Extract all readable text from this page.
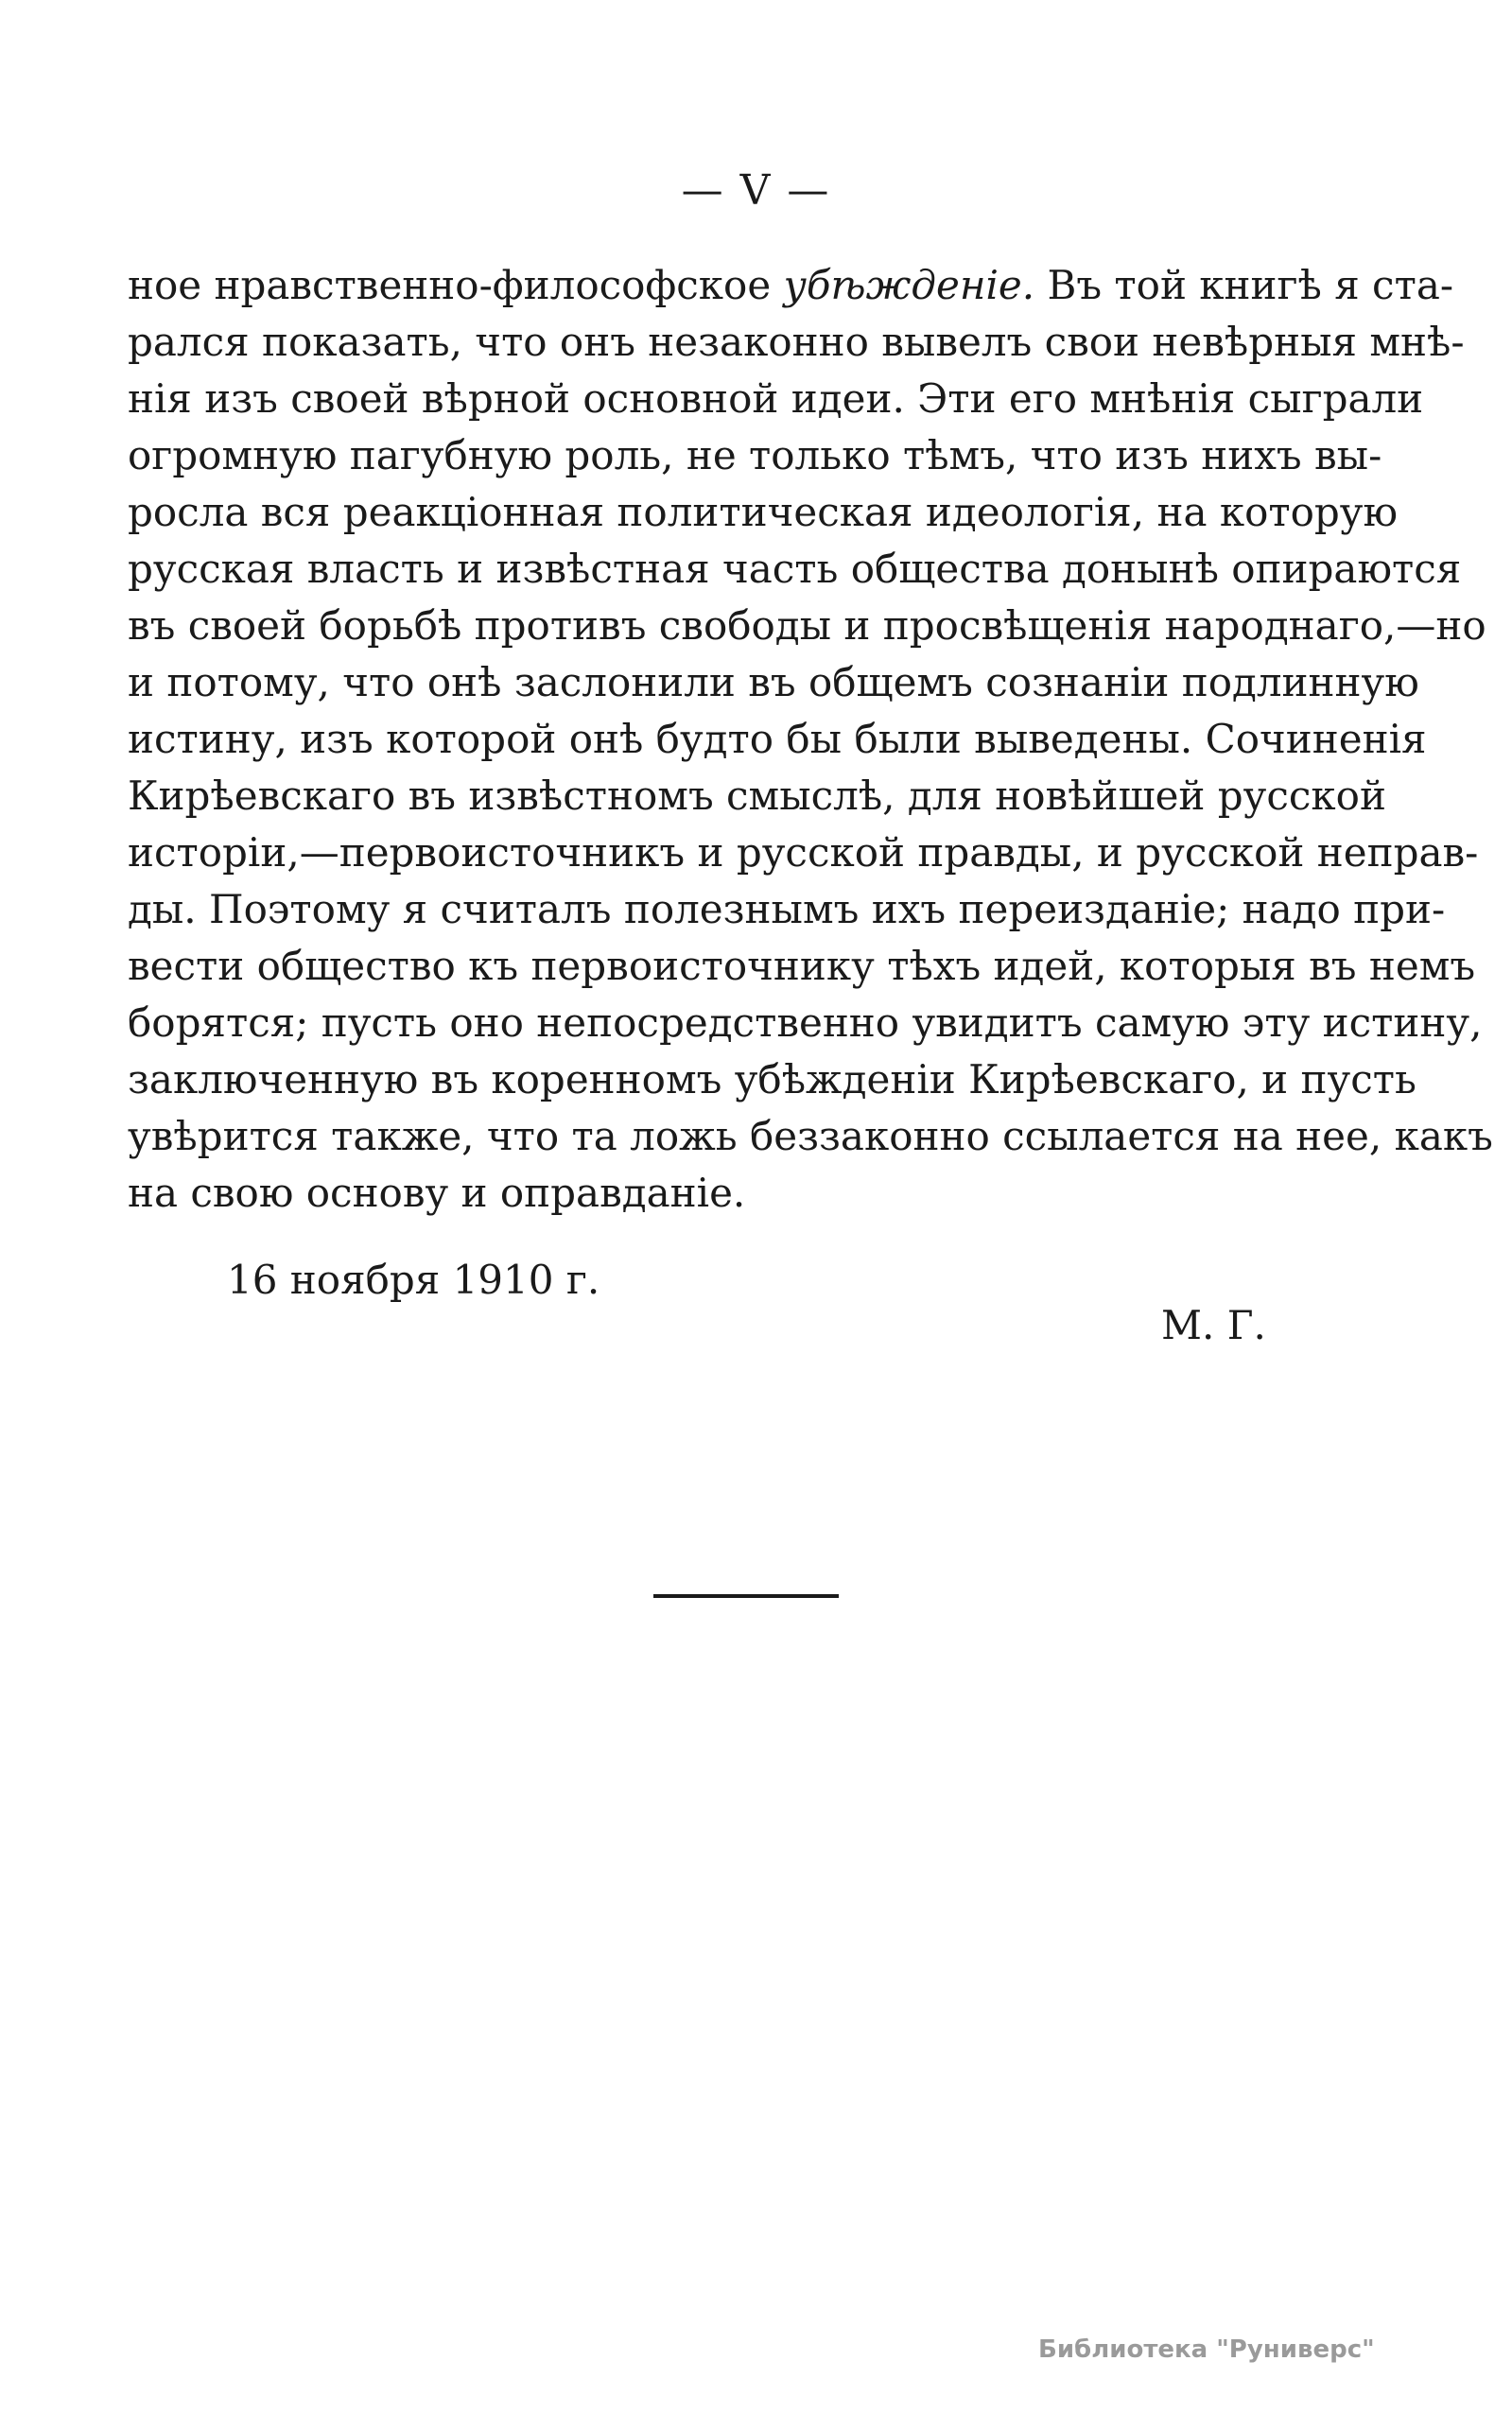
— V —
ное нравственно-философское убѣжденіе. Въ той книгѣ я ста-
рался показать, что онъ незаконно вывелъ свои невѣрныя мнѣ-
нія изъ своей вѣрной основной идеи. Эти его мнѣнія сыграли
огромную пагубную роль, не только тѣмъ, что изъ нихъ вы-
росла вся реакціонная политическая идеологія, на которую
русская власть и извѣстная часть общества донынѣ опираются
въ своей борьбѣ противъ свободы и просвѣщенія народнаго,—но
и потому, что онѣ заслонили въ общемъ сознаніи подлинную
истину, изъ которой онѣ будто бы были выведены. Сочиненія
Кирѣевскаго въ извѣстномъ смыслѣ, для новѣйшей русской
исторіи,—первоисточникъ и русской правды, и русской неправ-
ды. Поэтому я считалъ полезнымъ ихъ переизданіе; надо при-
вести общество къ первоисточнику тѣхъ идей, которыя въ немъ
борятся; пусть оно непосредственно увидитъ самую эту истину,
заключенную въ коренномъ убѣжденіи Кирѣевскаго, и пусть
увѣрится также, что та ложь беззаконно ссылается на нее, какъ
на свою основу и оправданіе.
16 ноября 1910 г.
М. Г.
Библиотека "Руниверс"
